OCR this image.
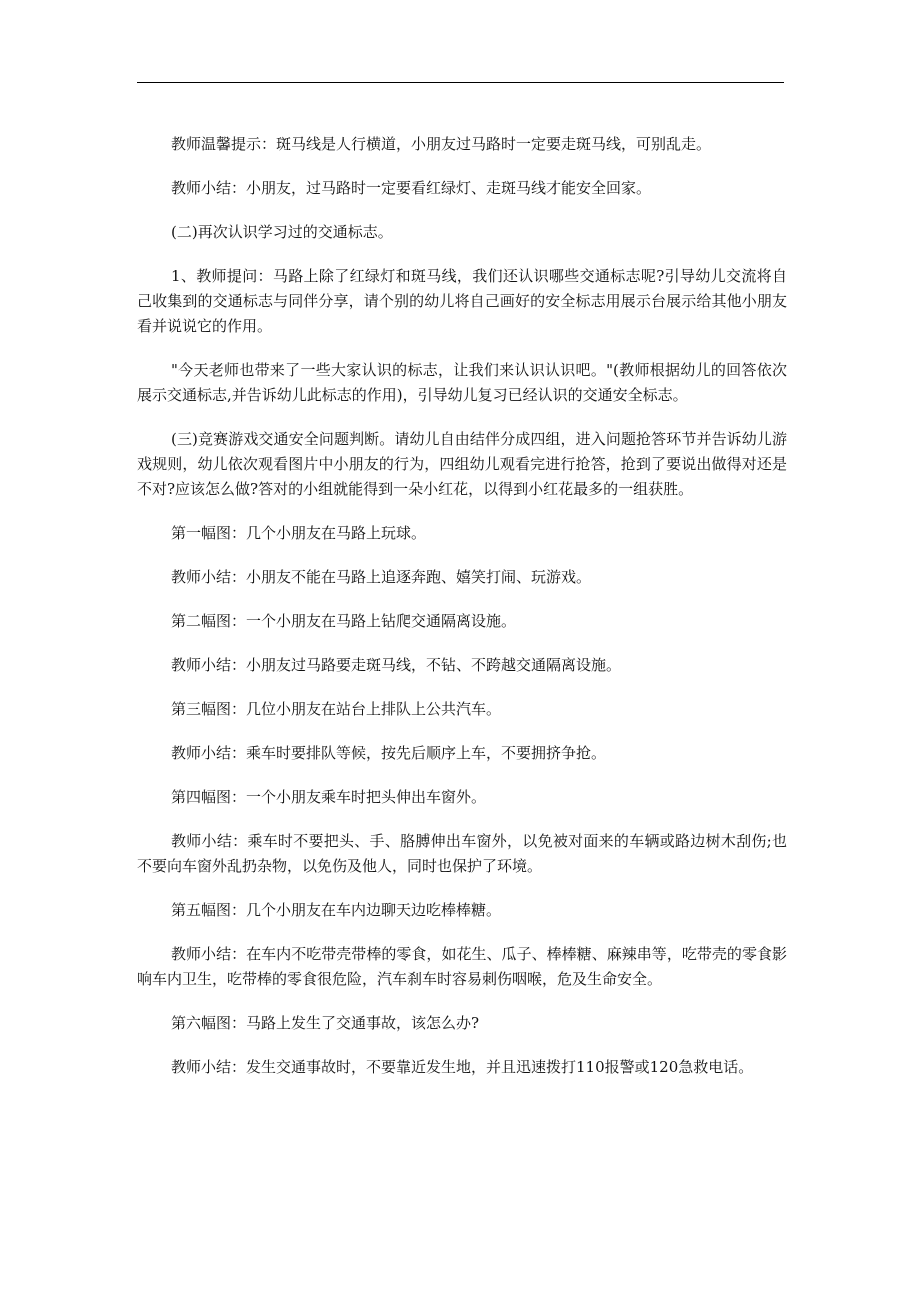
教师温馨提示：斑马线是人行横道，小朋友过马路时一定要走斑马线，可别乱走。

教师小结：小朋友，过马路时一定要看红绿灯、走斑马线才能安全回家。

(二)再次认识学习过的交通标志。

1、教师提问：马路上除了红绿灯和斑马线，我们还认识哪些交通标志呢?引导幼儿交流将自己收集到的交通标志与同伴分享，请个别的幼儿将自己画好的安全标志用展示台展示给其他小朋友看并说说它的作用。

"今天老师也带来了一些大家认识的标志，让我们来认识认识吧。"(教师根据幼儿的回答依次展示交通标志,并告诉幼儿此标志的作用)，引导幼儿复习已经认识的交通安全标志。

(三)竞赛游戏交通安全问题判断。请幼儿自由结伴分成四组，进入问题抢答环节并告诉幼儿游戏规则，幼儿依次观看图片中小朋友的行为，四组幼儿观看完进行抢答，抢到了要说出做得对还是不对?应该怎么做?答对的小组就能得到一朵小红花，以得到小红花最多的一组获胜。

第一幅图：几个小朋友在马路上玩球。

教师小结：小朋友不能在马路上追逐奔跑、嬉笑打闹、玩游戏。

第二幅图：一个小朋友在马路上钻爬交通隔离设施。

教师小结：小朋友过马路要走斑马线，不钻、不跨越交通隔离设施。

第三幅图：几位小朋友在站台上排队上公共汽车。

教师小结：乘车时要排队等候，按先后顺序上车，不要拥挤争抢。

第四幅图：一个小朋友乘车时把头伸出车窗外。

教师小结：乘车时不要把头、手、胳膊伸出车窗外，以免被对面来的车辆或路边树木刮伤;也不要向车窗外乱扔杂物，以免伤及他人，同时也保护了环境。

第五幅图：几个小朋友在车内边聊天边吃棒棒糖。

教师小结：在车内不吃带壳带棒的零食，如花生、瓜子、棒棒糖、麻辣串等，吃带壳的零食影响车内卫生，吃带棒的零食很危险，汽车刹车时容易刺伤咽喉，危及生命安全。

第六幅图：马路上发生了交通事故，该怎么办?

教师小结：发生交通事故时，不要靠近发生地，并且迅速拨打110报警或120急救电话。
